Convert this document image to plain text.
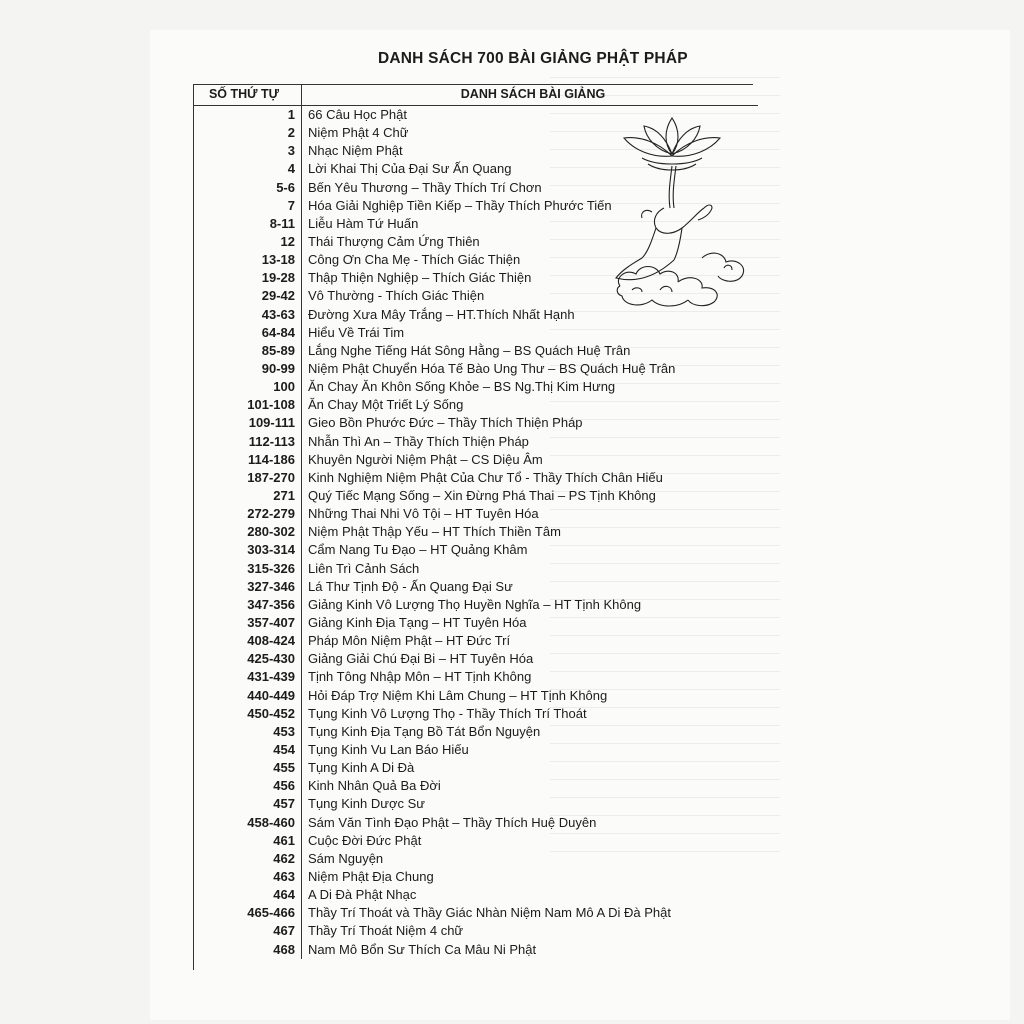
DANH SÁCH 700 BÀI GIẢNG PHẬT PHÁP
SỐ THỨ TỰ	DANH SÁCH BÀI GIẢNG
1	66 Câu Học Phật
2	Niệm Phật 4 Chữ
3	Nhạc Niệm Phật
4	Lời Khai Thị Của Đại Sư Ấn Quang
5-6	Bến Yêu Thương – Thầy Thích Trí Chơn
7	Hóa Giải Nghiệp Tiền Kiếp – Thầy Thích Phước Tiến
8-11	Liễu Hàm Tứ Huấn
12	Thái Thượng Cảm Ứng Thiên
13-18	Công Ơn Cha Mẹ - Thích Giác Thiện
19-28	Thập Thiện Nghiệp – Thích Giác Thiện
29-42	Vô Thường - Thích Giác Thiện
43-63	Đường Xưa Mây Trắng – HT.Thích Nhất Hạnh
64-84	Hiểu Về Trái Tim
85-89	Lắng Nghe Tiếng Hát Sông Hằng – BS Quách Huệ Trân
90-99	Niệm Phật Chuyển Hóa Tế Bào Ung Thư – BS Quách Huệ Trân
100	Ăn Chay Ăn Khôn Sống Khỏe – BS Ng.Thị Kim Hưng
101-108	Ăn Chay Một Triết Lý Sống
109-111	Gieo Bồn Phước Đức – Thầy Thích Thiện Pháp
112-113	Nhẫn Thì An – Thầy Thích Thiện Pháp
114-186	Khuyên Người Niệm Phật – CS Diệu Âm
187-270	Kinh Nghiệm Niệm Phật Của Chư Tổ - Thầy Thích Chân Hiếu
271	Quý Tiếc Mạng Sống – Xin Đừng Phá Thai – PS Tịnh Không
272-279	Những Thai Nhi Vô Tội – HT Tuyên Hóa
280-302	Niệm Phật Thập Yếu – HT Thích Thiền Tâm
303-314	Cẩm Nang Tu Đạo – HT Quảng Khâm
315-326	Liên Trì Cảnh Sách
327-346	Lá Thư Tịnh Độ - Ấn Quang Đại Sư
347-356	Giảng Kinh Vô Lượng Thọ Huyền Nghĩa – HT Tịnh Không
357-407	Giảng Kinh Địa Tạng – HT Tuyên Hóa
408-424	Pháp Môn Niệm Phật – HT Đức Trí
425-430	Giảng Giải Chú Đại Bi – HT Tuyên Hóa
431-439	Tịnh Tông Nhập Môn – HT Tịnh Không
440-449	Hỏi Đáp Trợ Niệm Khi Lâm Chung – HT Tịnh Không
450-452	Tụng Kinh Vô Lượng Thọ - Thầy Thích Trí Thoát
453	Tụng Kinh Địa Tạng Bồ Tát Bổn Nguyện
454	Tụng Kinh Vu Lan Báo Hiếu
455	Tụng Kinh A Di Đà
456	Kinh Nhân Quả Ba Đời
457	Tụng Kinh Dược Sư
458-460	Sám Văn Tình Đạo Phật – Thầy Thích Huệ Duyên
461	Cuộc Đời Đức Phật
462	Sám Nguyện
463	Niệm Phật Địa Chung
464	A Di Đà Phật Nhạc
465-466	Thầy Trí Thoát và Thầy Giác Nhàn Niệm Nam Mô A Di Đà Phật
467	Thầy Trí Thoát Niệm 4 chữ
468	Nam Mô Bổn Sư Thích Ca Mâu Ni Phật
